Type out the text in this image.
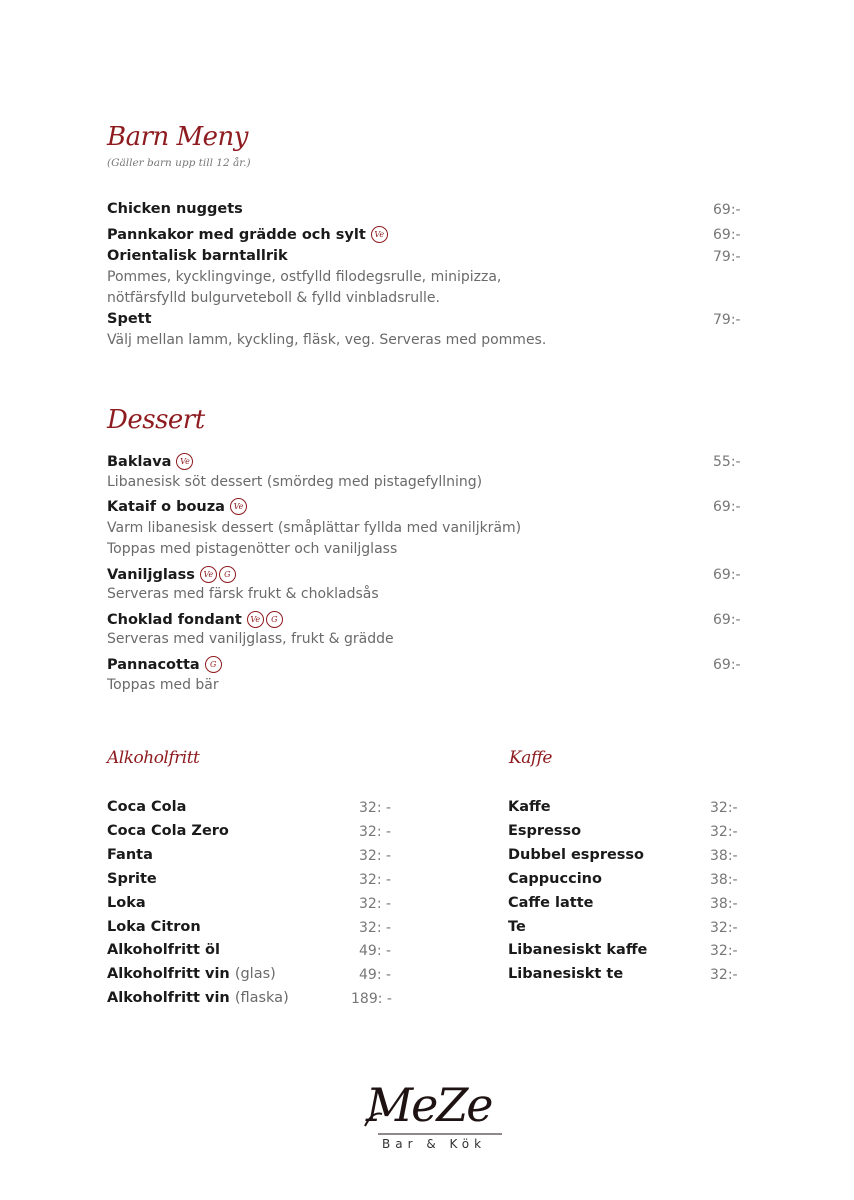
Barn Meny
(Gäller barn upp till 12 år.)
Chicken nuggets	69:-
Pannkakor med grädde och sylt Ve	69:-
Orientalisk barntallrik	79:-
Pommes, kycklingvinge, ostfylld filodegsrulle, minipizza,
nötfärsfylld bulgurveteboll & fylld vinbladsrulle.
Spett	79:-
Välj mellan lamm, kyckling, fläsk, veg. Serveras med pommes.
Dessert
Baklava Ve	55:-
Libanesisk söt dessert (smördeg med pistagefyllning)
Kataif o bouza Ve	69:-
Varm libanesisk dessert (småplättar fyllda med vaniljkräm)
Toppas med pistagenötter och vaniljglass
Vaniljglass Ve G	69:-
Serveras med färsk frukt & chokladsås
Choklad fondant Ve G	69:-
Serveras med vaniljglass, frukt & grädde
Pannacotta G	69:-
Toppas med bär
Alkoholfritt
Coca Cola	32: -
Coca Cola Zero	32: -
Fanta	32: -
Sprite	32: -
Loka	32: -
Loka Citron	32: -
Alkoholfritt öl	49: -
Alkoholfritt vin (glas)	49: -
Alkoholfritt vin (flaska)	189: -
Kaffe
Kaffe	32:-
Espresso	32:-
Dubbel espresso	38:-
Cappuccino	38:-
Caffe latte	38:-
Te	32:-
Libanesiskt kaffe	32:-
Libanesiskt te	32:-
MeZe
Bar & Kök
